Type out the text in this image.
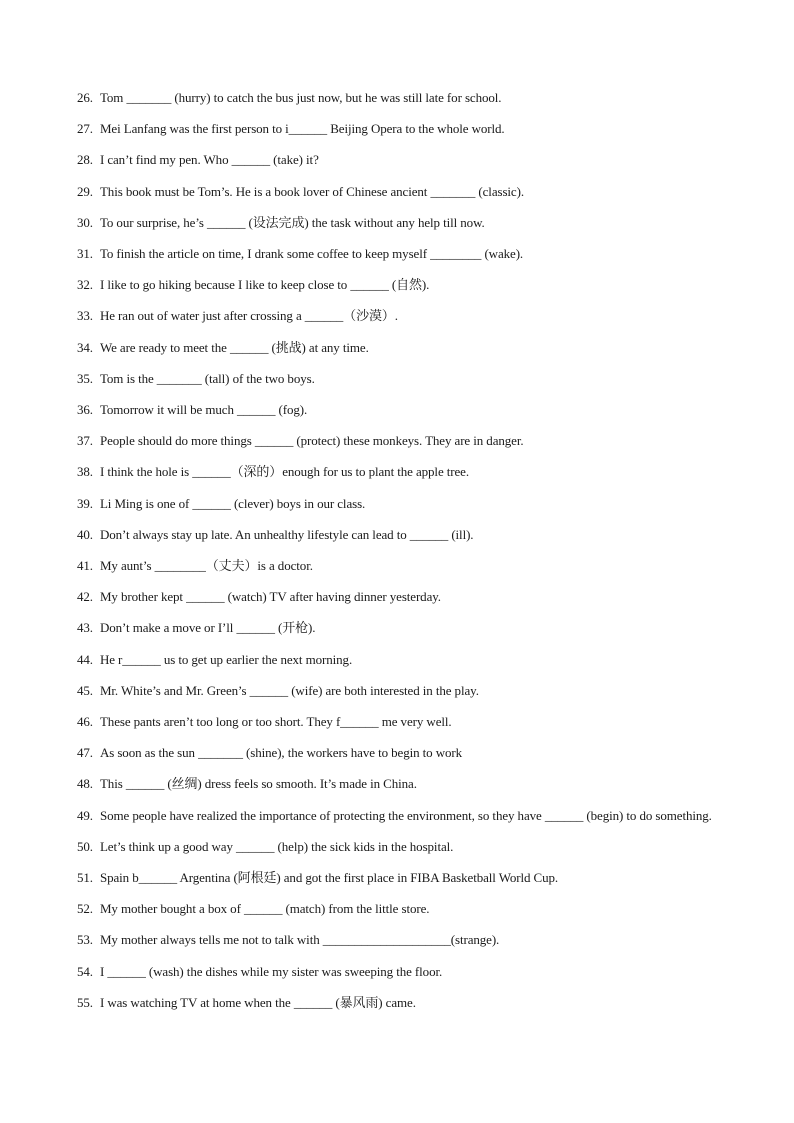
26. Tom _______ (hurry) to catch the bus just now, but he was still late for school.
27. Mei Lanfang was the first person to i______ Beijing Opera to the whole world.
28. I can’t find my pen. Who ______ (take) it?
29. This book must be Tom’s. He is a book lover of Chinese ancient _______ (classic).
30. To our surprise, he’s ______ (设法完成) the task without any help till now.
31. To finish the article on time, I drank some coffee to keep myself ________ (wake).
32. I like to go hiking because I like to keep close to ______ (自然).
33. He ran out of water just after crossing a ______（沙漠）.
34. We are ready to meet the ______ (挑战) at any time.
35. Tom is the _______ (tall) of the two boys.
36. Tomorrow it will be much ______ (fog).
37. People should do more things ______ (protect) these monkeys. They are in danger.
38. I think the hole is ______（深的）enough for us to plant the apple tree.
39. Li Ming is one of ______ (clever) boys in our class.
40. Don’t always stay up late. An unhealthy lifestyle can lead to ______ (ill).
41. My aunt’s ________（丈夫）is a doctor.
42. My brother kept ______ (watch) TV after having dinner yesterday.
43. Don’t make a move or I’ll ______ (开枪).
44. He r______ us to get up earlier the next morning.
45. Mr. White’s and Mr. Green’s ______ (wife) are both interested in the play.
46. These pants aren’t too long or too short. They f______ me very well.
47. As soon as the sun _______ (shine), the workers have to begin to work
48. This ______ (丝绸) dress feels so smooth. It’s made in China.
49. Some people have realized the importance of protecting the environment, so they have ______ (begin) to do something.
50. Let’s think up a good way ______ (help) the sick kids in the hospital.
51. Spain b______ Argentina (阿根廷) and got the first place in FIBA Basketball World Cup.
52. My mother bought a box of ______ (match) from the little store.
53. My mother always tells me not to talk with ____________________(strange).
54. I ______ (wash) the dishes while my sister was sweeping the floor.
55. I was watching TV at home when the ______ (暴风雨) came.
